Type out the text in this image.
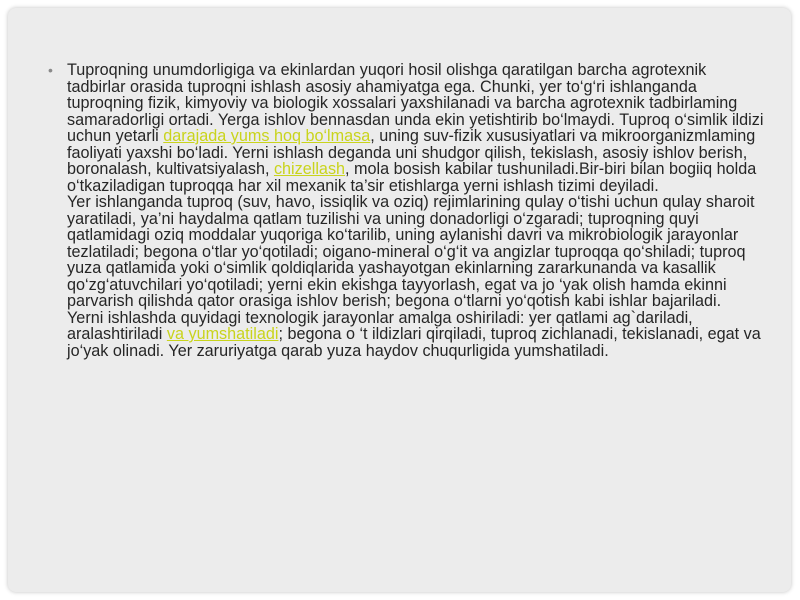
• Tuproqning unumdorligiga va ekinlardan yuqori hosil olishga qaratilgan barcha agrotexnik tadbirlar orasida tuproqni ishlash asosiy ahamiyatga ega. Chunki, yer to‘g‘ri ishlanganda tuproqning fizik, kimyoviy va biologik xossalari yaxshilanadi va barcha agrotexnik tadbirlaming samaradorligi ortadi. Yerga ishlov bennasdan unda ekin yetishtirib bo‘lmaydi. Tuproq o‘simlik ildizi uchun yetarli darajada yums hoq bo‘lmasa, uning suv-fizik xususiyatlari va mikroorganizmlaming faoliyati yaxshi bo‘ladi. Yerni ishlash deganda uni shudgor qilish, tekislash, asosiy ishlov berish, boronalash, kultivatsiyalash, chizellash, mola bosish kabilar tushuniladi.Bir-biri bilan bogiiq holda o‘tkaziladigan tuproqqa har xil mexanik ta’sir etishlarga yerni ishlash tizimi deyiladi.
Yer ishlanganda tuproq (suv, havo, issiqlik va oziq) rejimlarining qulay o‘tishi uchun qulay sharoit yaratiladi, ya’ni haydalma qatlam tuzilishi va uning donadorligi o‘zgaradi; tuproqning quyi qatlamidagi oziq moddalar yuqoriga ko‘tarilib, uning aylanishi davri va mikrobiologik jarayonlar tezlatiladi; begona o‘tlar yo‘qotiladi; oigano-mineral o‘g‘it va angizlar tuproqqa qo‘shiladi; tuproq yuza qatlamida yoki o‘simlik qoldiqlarida yashayotgan ekinlarning zararkunanda va kasallik qo‘zg‘atuvchilari yo‘qotiladi; yerni ekin ekishga tayyorlash, egat va jo ‘yak olish hamda ekinni parvarish qilishda qator orasiga ishlov berish; begona o‘tlarni yo‘qotish kabi ishlar bajariladi.
Yerni ishlashda quyidagi texnologik jarayonlar amalga oshiriladi: yer qatlami ag`dariladi, aralashtiriladi va yumshatiladi; begona o ‘t ildizlari qirqiladi, tuproq zichlanadi, tekislanadi, egat va jo‘yak olinadi. Yer zaruriyatga qarab yuza haydov chuqurligida yumshatiladi.
